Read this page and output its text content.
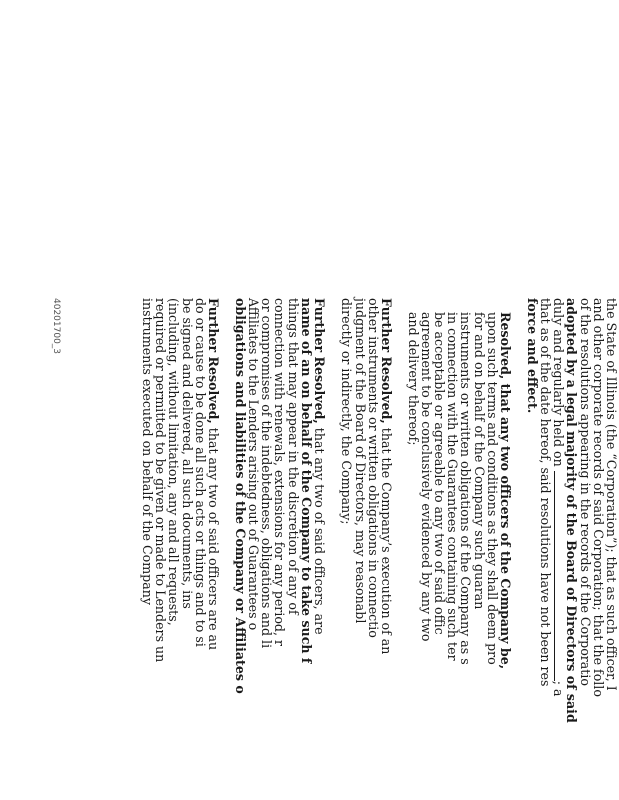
the State of Illinois (the “Corporation”); that as such officer, I
and other corporate records of said Corporation; that the follo
of the resolutions appearing in the records of the Corporatio
adopted by a legal majority of the Board of Directors of said
duly and regularly held on ; a
that as of the date hereof, said resolutions have not been res
force and effect.
Resolved, that any two officers of the Company be,
upon such terms and conditions as they shall deem pro
for and on behalf of the Company such guaran
instruments or written obligations of the Company as s
in connection with the Guarantees containing such ter
be acceptable or agreeable to any two of said offic
agreement to be conclusively evidenced by any two
and delivery thereof;
Further Resolved, that the Company’s execution of an
other instruments or written obligations in connectio
judgment of the Board of Directors, may reasonabl
directly or indirectly, the Company;
Further Resolved, that any two of said officers, are
name of an on behalf of the Company to take such f
things that may appear in the discretion of any of
connection with renewals, extensions for any period, r
or compromises of the indebtedness, obligations and li
Affiliates to the Lenders arising out of Guarantees o
obligations and liabilities of the Company or Affiliates o
Further Resolved, that any two of said officers are au
do or cause to be done all such acts or things and to si
be signed and delivered, all such documents, ins
(including, without limitation, any and all requests,
required or permitted to be given or made to Lenders un
instruments executed on behalf of the Company
40201700_3
